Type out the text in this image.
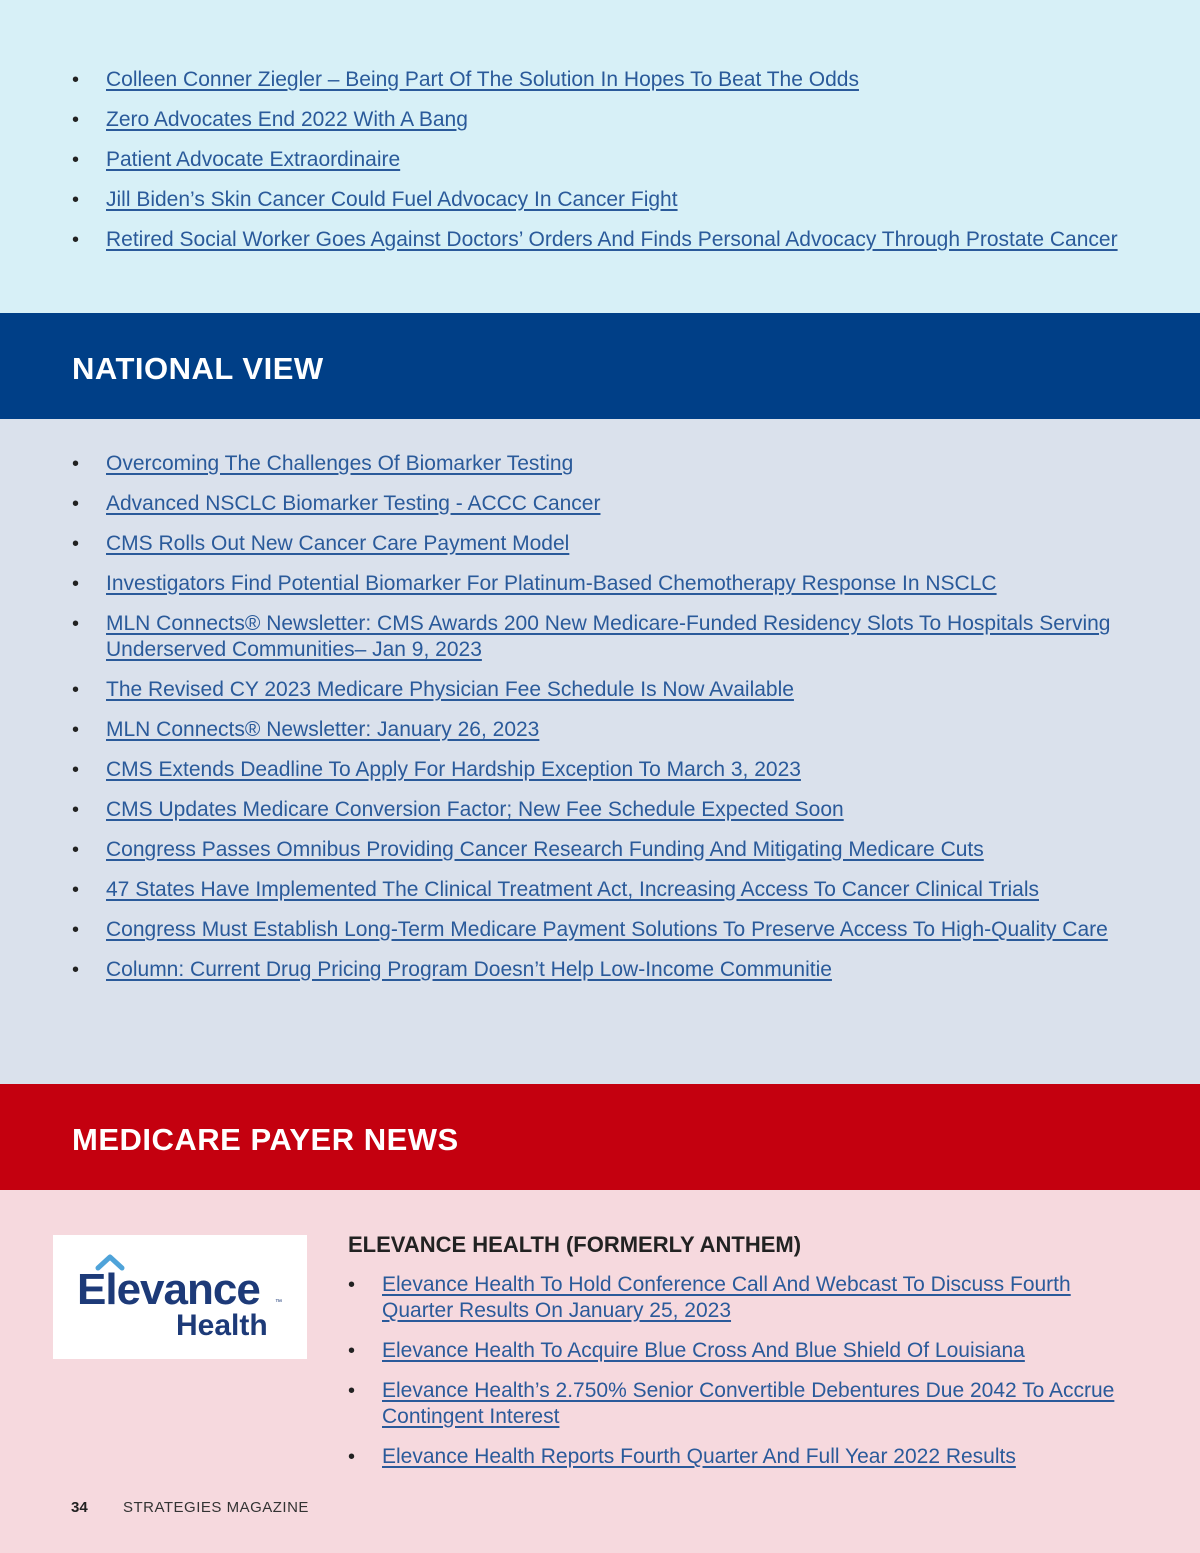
• Colleen Conner Ziegler – Being Part Of The Solution In Hopes To Beat The Odds
• Zero Advocates End 2022 With A Bang
• Patient Advocate Extraordinaire
• Jill Biden’s Skin Cancer Could Fuel Advocacy In Cancer Fight
• Retired Social Worker Goes Against Doctors’ Orders And Finds Personal Advocacy Through Prostate Cancer
NATIONAL VIEW
• Overcoming The Challenges Of Biomarker Testing
• Advanced NSCLC Biomarker Testing - ACCC Cancer
• CMS Rolls Out New Cancer Care Payment Model
• Investigators Find Potential Biomarker For Platinum-Based Chemotherapy Response In NSCLC
• MLN Connects® Newsletter: CMS Awards 200 New Medicare-Funded Residency Slots To Hospitals Serving Underserved Communities– Jan 9, 2023
• The Revised CY 2023 Medicare Physician Fee Schedule Is Now Available
• MLN Connects® Newsletter: January 26, 2023
• CMS Extends Deadline To Apply For Hardship Exception To March 3, 2023
• CMS Updates Medicare Conversion Factor; New Fee Schedule Expected Soon
• Congress Passes Omnibus Providing Cancer Research Funding And Mitigating Medicare Cuts
• 47 States Have Implemented The Clinical Treatment Act, Increasing Access To Cancer Clinical Trials
• Congress Must Establish Long-Term Medicare Payment Solutions To Preserve Access To High-Quality Care
• Column: Current Drug Pricing Program Doesn’t Help Low-Income Communitie
MEDICARE PAYER NEWS
Elevance ™
Health
ELEVANCE HEALTH (FORMERLY ANTHEM)
• Elevance Health To Hold Conference Call And Webcast To Discuss Fourth Quarter Results On January 25, 2023
• Elevance Health To Acquire Blue Cross And Blue Shield Of Louisiana
• Elevance Health’s 2.750% Senior Convertible Debentures Due 2042 To Accrue Contingent Interest
• Elevance Health Reports Fourth Quarter And Full Year 2022 Results
34 STRATEGIES MAGAZINE
